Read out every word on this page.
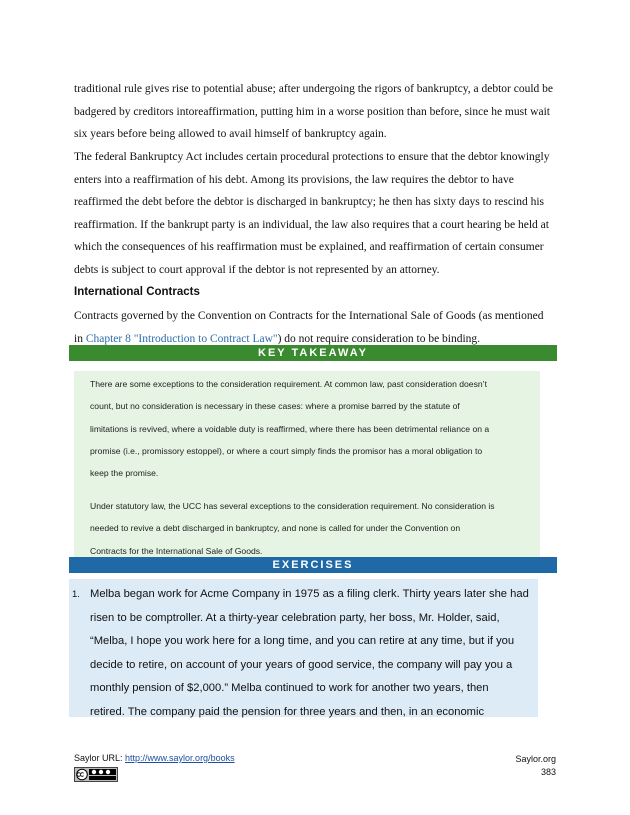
traditional rule gives rise to potential abuse; after undergoing the rigors of bankruptcy, a debtor could be

badgered by creditors intoreaffirmation, putting him in a worse position than before, since he must wait

six years before being allowed to avail himself of bankruptcy again.

The federal Bankruptcy Act includes certain procedural protections to ensure that the debtor knowingly

enters into a reaffirmation of his debt. Among its provisions, the law requires the debtor to have

reaffirmed the debt before the debtor is discharged in bankruptcy; he then has sixty days to rescind his

reaffirmation. If the bankrupt party is an individual, the law also requires that a court hearing be held at

which the consequences of his reaffirmation must be explained, and reaffirmation of certain consumer

debts is subject to court approval if the debtor is not represented by an attorney.

International Contracts

Contracts governed by the Convention on Contracts for the International Sale of Goods (as mentioned

in Chapter 8 "Introduction to Contract Law") do not require consideration to be binding.

KEY TAKEAWAY

There are some exceptions to the consideration requirement. At common law, past consideration doesn’t

count, but no consideration is necessary in these cases: where a promise barred by the statute of

limitations is revived, where a voidable duty is reaffirmed, where there has been detrimental reliance on a

promise (i.e., promissory estoppel), or where a court simply finds the promisor has a moral obligation to

keep the promise.

Under statutory law, the UCC has several exceptions to the consideration requirement. No consideration is

needed to revive a debt discharged in bankruptcy, and none is called for under the Convention on

Contracts for the International Sale of Goods.

EXERCISES
1. Melba began work for Acme Company in 1975 as a filing clerk. Thirty years later she had
risen to be comptroller. At a thirty-year celebration party, her boss, Mr. Holder, said,
“Melba, I hope you work here for a long time, and you can retire at any time, but if you
decide to retire, on account of your years of good service, the company will pay you a
monthly pension of $2,000.” Melba continued to work for another two years, then
retired. The company paid the pension for three years and then, in an economic
Saylor URL: http://www.saylor.org/books	Saylor.org
383
